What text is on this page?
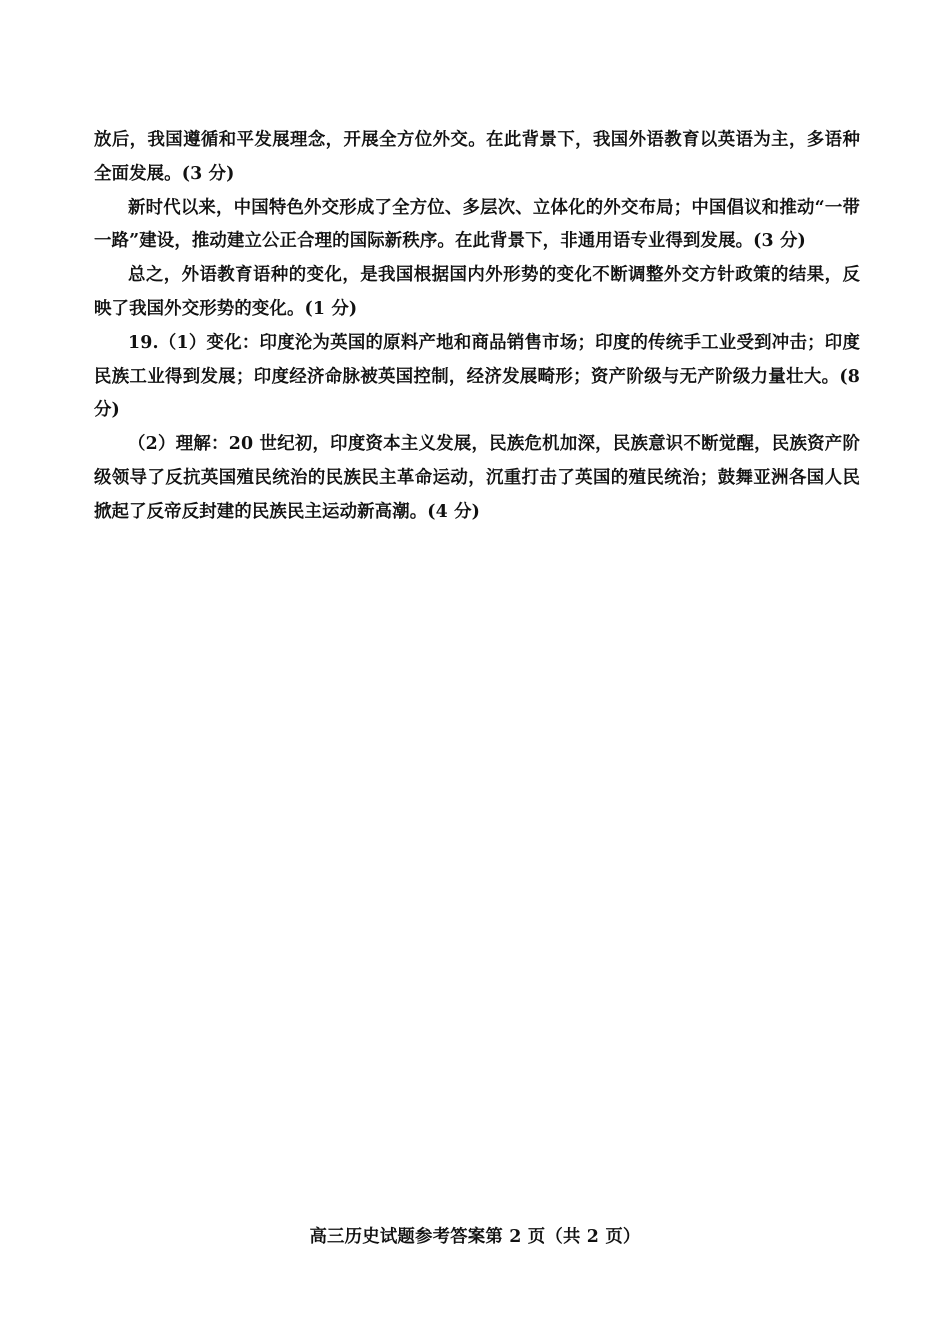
放后，我国遵循和平发展理念，开展全方位外交。在此背景下，我国外语教育以英语为主，多语种全面发展。(3 分)

新时代以来，中国特色外交形成了全方位、多层次、立体化的外交布局；中国倡议和推动“一带一路”建设，推动建立公正合理的国际新秩序。在此背景下，非通用语专业得到发展。(3 分)

总之，外语教育语种的变化，是我国根据国内外形势的变化不断调整外交方针政策的结果，反映了我国外交形势的变化。(1 分)

19.（1）变化：印度沦为英国的原料产地和商品销售市场；印度的传统手工业受到冲击；印度民族工业得到发展；印度经济命脉被英国控制，经济发展畸形；资产阶级与无产阶级力量壮大。(8 分)

（2）理解：20 世纪初，印度资本主义发展，民族危机加深，民族意识不断觉醒，民族资产阶级领导了反抗英国殖民统治的民族民主革命运动，沉重打击了英国的殖民统治；鼓舞亚洲各国人民掀起了反帝反封建的民族民主运动新高潮。(4 分)

高三历史试题参考答案第 2 页（共 2 页）
